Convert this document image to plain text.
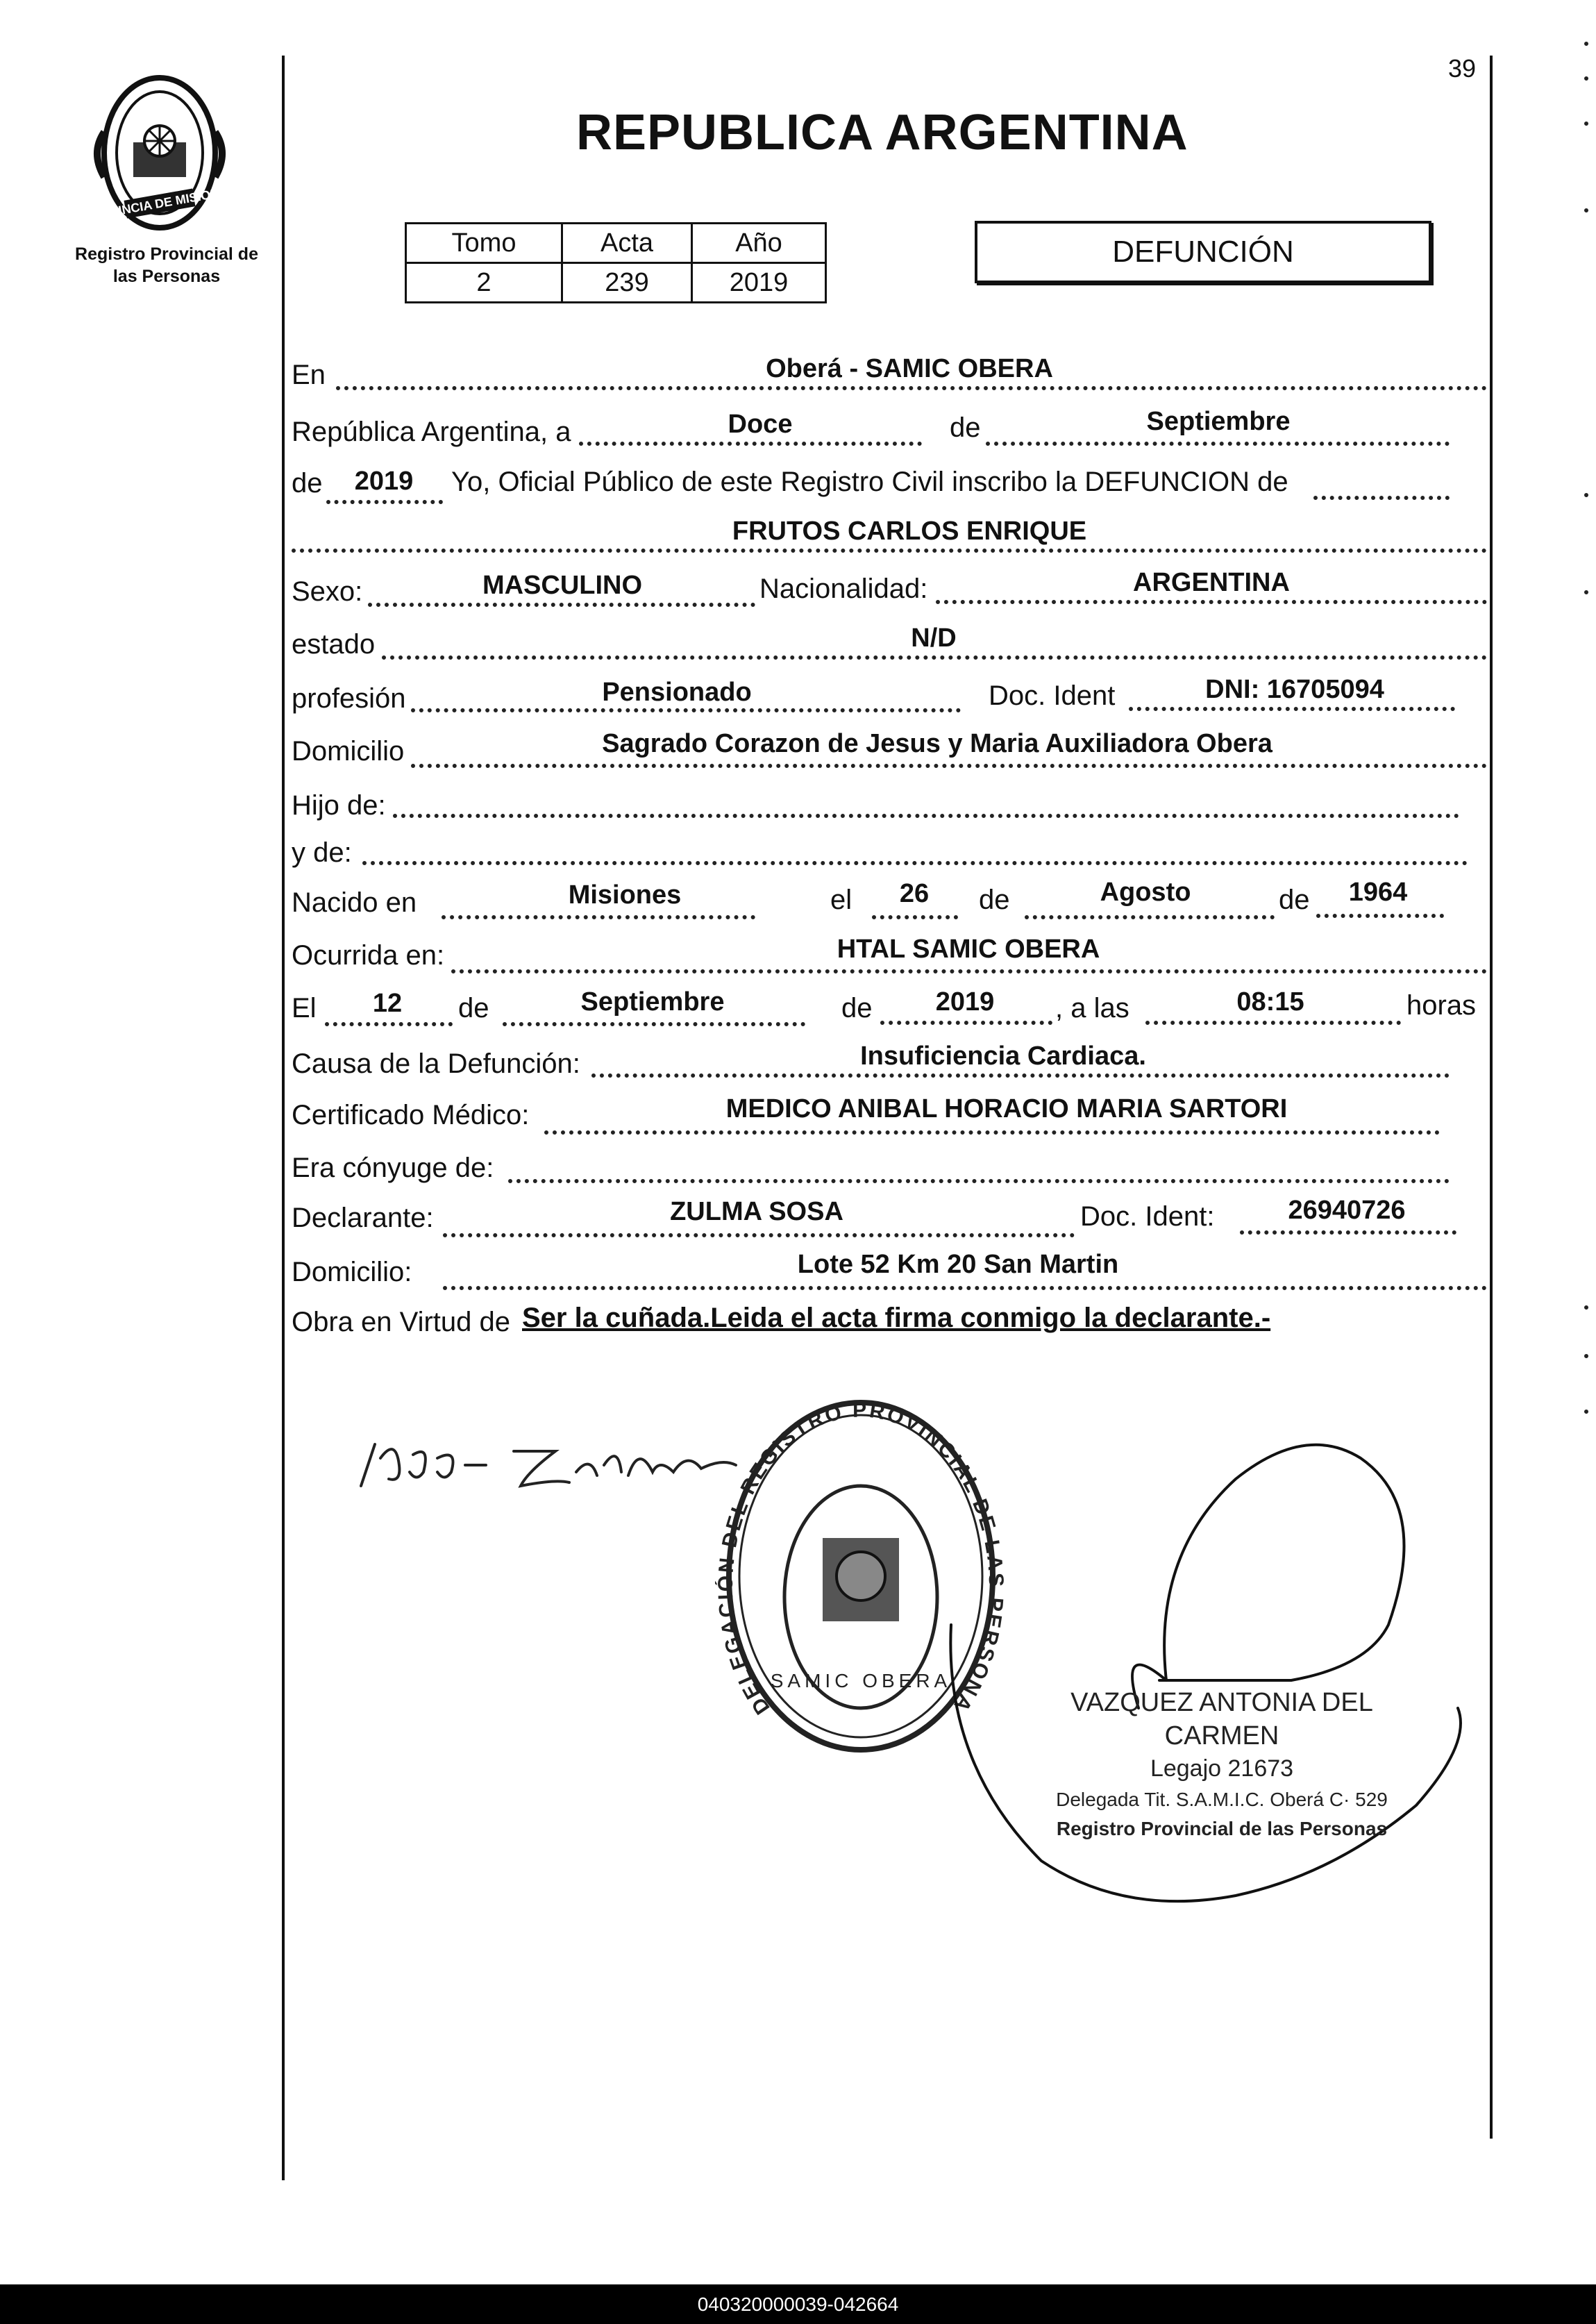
39
PROVINCIA DE MISIONES
Registro Provincial de
las Personas
REPUBLICA ARGENTINA
Tomo	Acta	Año
2	239	2019
DEFUNCIÓN
En	Oberá - SAMIC OBERA
República Argentina, a	Doce	de	Septiembre
de	2019	Yo, Oficial Público de este Registro Civil inscribo la DEFUNCION de
FRUTOS CARLOS ENRIQUE
Sexo:	MASCULINO	Nacionalidad:	ARGENTINA
estado	N/D
profesión	Pensionado	Doc. Ident	DNI: 16705094
Domicilio	Sagrado Corazon de Jesus y Maria Auxiliadora Obera
Hijo de:
y de:
Nacido en	Misiones	el	26	de	Agosto	de	1964
Ocurrida en:	HTAL SAMIC OBERA
El	12	de	Septiembre	de	2019	, a las	08:15	horas
Causa de la Defunción:	Insuficiencia Cardiaca.
Certificado Médico:	MEDICO ANIBAL HORACIO MARIA SARTORI
Era cónyuge de:
Declarante:	ZULMA SOSA	Doc. Ident:	26940726
Domicilio:	Lote 52 Km 20 San Martin
Obra en Virtud de Ser la cuñada.Leida el acta firma conmigo la declarante.-
DELEGACIÓN DEL REGISTRO PROVINCIAL DE LAS PERSONA
SAMIC OBERA
VAZQUEZ ANTONIA DEL CARMEN
Legajo 21673
Delegada Tit. S.A.M.I.C. Oberá C· 529
Registro Provincial de las Personas
040320000039-042664
